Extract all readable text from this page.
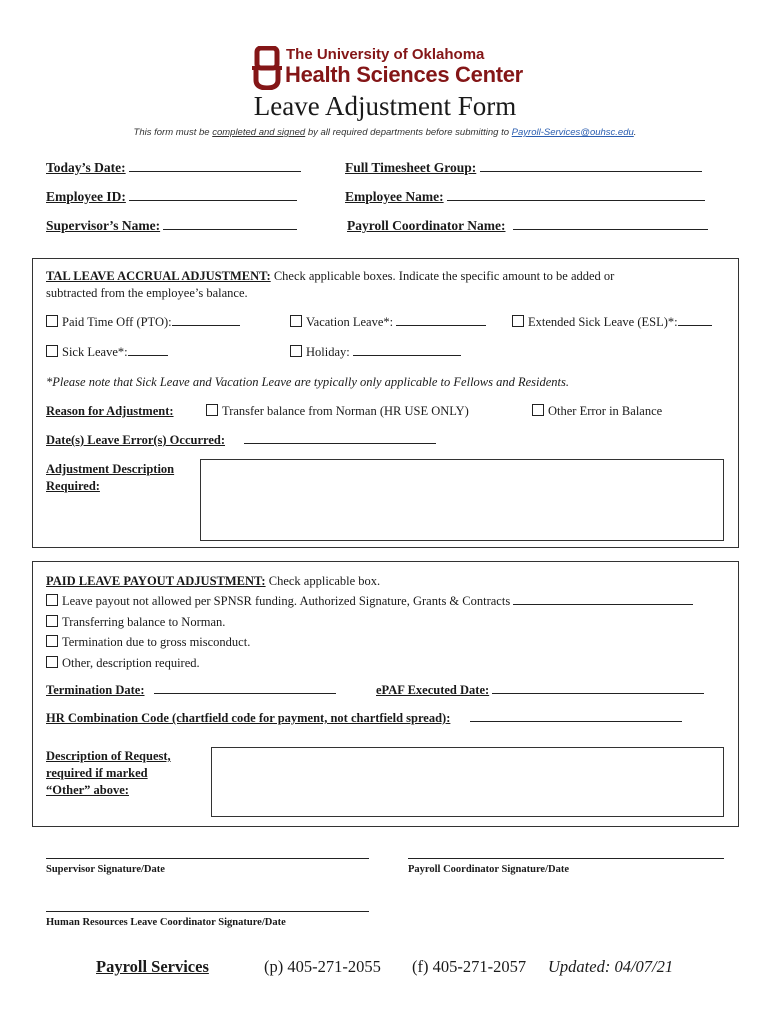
The University of Oklahoma
Health Sciences Center
Leave Adjustment Form
This form must be completed and signed by all required departments before submitting to Payroll-Services@ouhsc.edu.
Today’s Date:	Full Timesheet Group:
Employee ID:	Employee Name:
Supervisor’s Name:	Payroll Coordinator Name:
TAL LEAVE ACCRUAL ADJUSTMENT: Check applicable boxes. Indicate the specific amount to be added or
subtracted from the employee’s balance.
Paid Time Off (PTO):	Vacation Leave*:	Extended Sick Leave (ESL)*:
Sick Leave*:	Holiday:
*Please note that Sick Leave and Vacation Leave are typically only applicable to Fellows and Residents.
Reason for Adjustment:	Transfer balance from Norman (HR USE ONLY)	Other Error in Balance
Date(s) Leave Error(s) Occurred:
Adjustment Description
Required:
PAID LEAVE PAYOUT ADJUSTMENT: Check applicable box.
Leave payout not allowed per SPNSR funding. Authorized Signature, Grants & Contracts
Transferring balance to Norman.
Termination due to gross misconduct.
Other, description required.
Termination Date:	ePAF Executed Date:
HR Combination Code (chartfield code for payment, not chartfield spread):
Description of Request,
required if marked
“Other” above:
Supervisor Signature/Date	Payroll Coordinator Signature/Date
Human Resources Leave Coordinator Signature/Date
Payroll Services	(p) 405-271-2055 (f) 405-271-2057 Updated: 04/07/21
